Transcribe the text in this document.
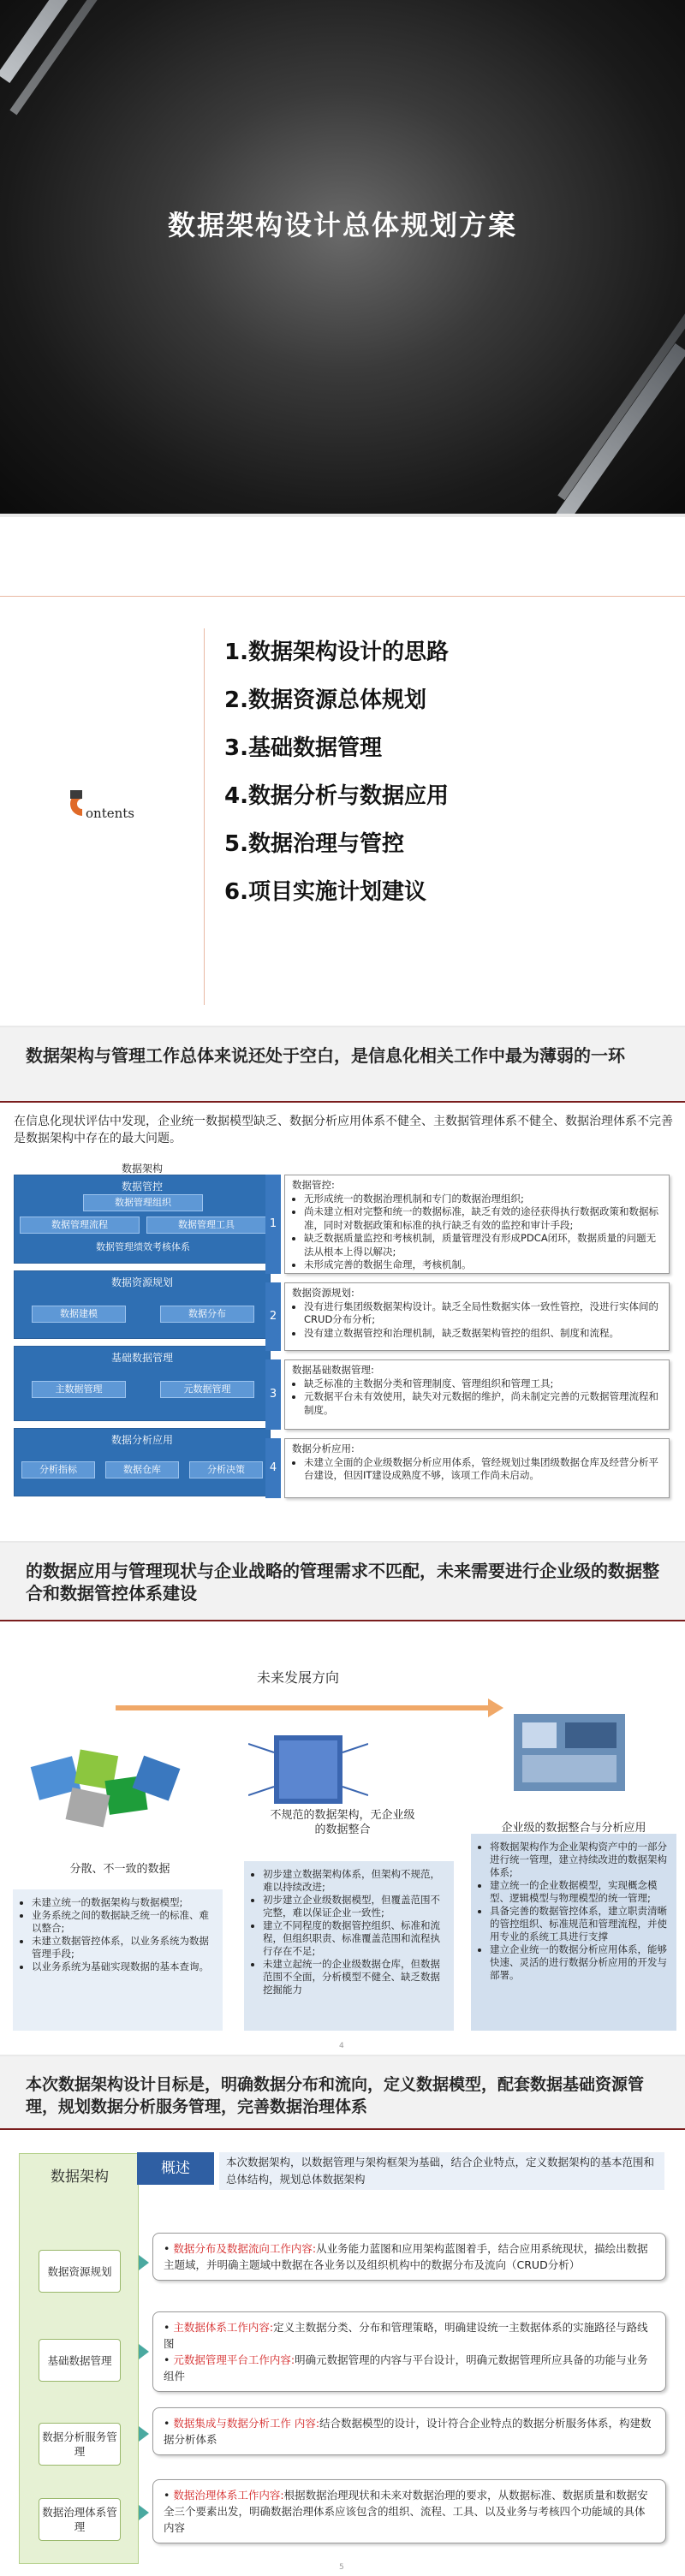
数据架构设计总体规划方案
ontents
1.数据架构设计的思路
2.数据资源总体规划
3.基础数据管理
4.数据分析与数据应用
5.数据治理与管控
6.项目实施计划建议
数据架构与管理工作总体来说还处于空白，是信息化相关工作中最为薄弱的一环
在信息化现状评估中发现，企业统一数据模型缺乏、数据分析应用体系不健全、主数据管理体系不健全、数据治理体系不完善是数据架构中存在的最大问题。
数据架构
数据管控
数据管理组织
数据管理流程	数据管理工具
数据管理绩效考核体系
数据资源规划
数据建模	数据分布
基础数据管理
主数据管理	元数据管理
数据分析应用
分析指标	数据仓库	分析决策
1
数据管控:
• 无形成统一的数据治理机制和专门的数据治理组织;
• 尚未建立相对完整和统一的数据标准，缺乏有效的途径获得执行数据政策和数据标准，同时对数据政策和标准的执行缺乏有效的监控和审计手段;
• 缺乏数据质量监控和考核机制，质量管理没有形成PDCA闭环，数据质量的问题无法从根本上得以解决;
• 未形成完善的数据生命理，考核机制。
2
数据资源规划:
• 没有进行集团级数据架构设计。缺乏全局性数据实体一致性管控，没进行实体间的CRUD分布分析;
• 没有建立数据管控和治理机制，缺乏数据架构管控的组织、制度和流程。
3
数据基础数据管理:
• 缺乏标准的主数据分类和管理制度、管理组织和管理工具;
• 元数据平台未有效使用，缺失对元数据的维护，尚未制定完善的元数据管理流程和制度。
4
数据分析应用:
• 未建立全面的企业级数据分析应用体系，管经规划过集团级数据仓库及经营分析平台建设，但因IT建设成熟度不够，该项工作尚未启动。
的数据应用与管理现状与企业战略的管理需求不匹配，未来需要进行企业级的数据整合和数据管控体系建设
未来发展方向
分散、不一致的数据
不规范的数据架构，无企业级的数据整合	企业级的数据整合与分析应用
• 未建立统一的数据架构与数据模型;
• 业务系统之间的数据缺乏统一的标准、难以整合;
• 未建立数据管控体系，以业务系统为数据管理手段;
• 以业务系统为基础实现数据的基本查询。
• 初步建立数据架构体系，但架构不规范，难以持续改进;
• 初步建立企业级数据模型，但覆盖范围不完整，难以保证企业一致性;
• 建立不同程度的数据管控组织、标准和流程，但组织职责、标准覆盖范围和流程执行存在不足;
• 未建立起统一的企业级数据仓库，但数据范围不全面，分析模型不健全、缺乏数据挖掘能力
• 将数据架构作为企业架构资产中的一部分进行统一管理，建立持续改进的数据架构体系;
• 建立统一的企业数据模型，实现概念模型、逻辑模型与物理模型的统一管理;
• 具备完善的数据管控体系，建立职责清晰的管控组织、标准规范和管理流程，并使用专业的系统工具进行支撑
• 建立企业统一的数据分析应用体系，能够快速、灵活的进行数据分析应用的开发与部署。
4
本次数据架构设计目标是，明确数据分布和流向，定义数据模型，配套数据基础资源管理，规划数据分析服务管理，完善数据治理体系
数据架构
数据资源规划
基础数据管理
数据分析服务管理
数据治理体系管理
概述	本次数据架构，以数据管理与架构框架为基础，结合企业特点，定义数据架构的基本范围和总体结构，规划总体数据架构
• 数据分布及数据流向工作内容:从业务能力蓝图和应用架构蓝图着手，结合应用系统现状，描绘出数据主题域，并明确主题域中数据在各业务以及组织机构中的数据分布及流向（CRUD分析）
• 主数据体系工作内容:定义主数据分类、分布和管理策略，明确建设统一主数据体系的实施路径与路线图
• 元数据管理平台工作内容:明确元数据管理的内容与平台设计，明确元数据管理所应具备的功能与业务组件
• 数据集成与数据分析工作 内容:结合数据模型的设计，设计符合企业特点的数据分析服务体系，构建数据分析体系
• 数据治理体系工作内容:根据数据治理现状和未来对数据治理的要求，从数据标准、数据质量和数据安全三个要素出发，明确数据治理体系应该包含的组织、流程、工具、以及业务与考核四个功能域的具体内容
5
